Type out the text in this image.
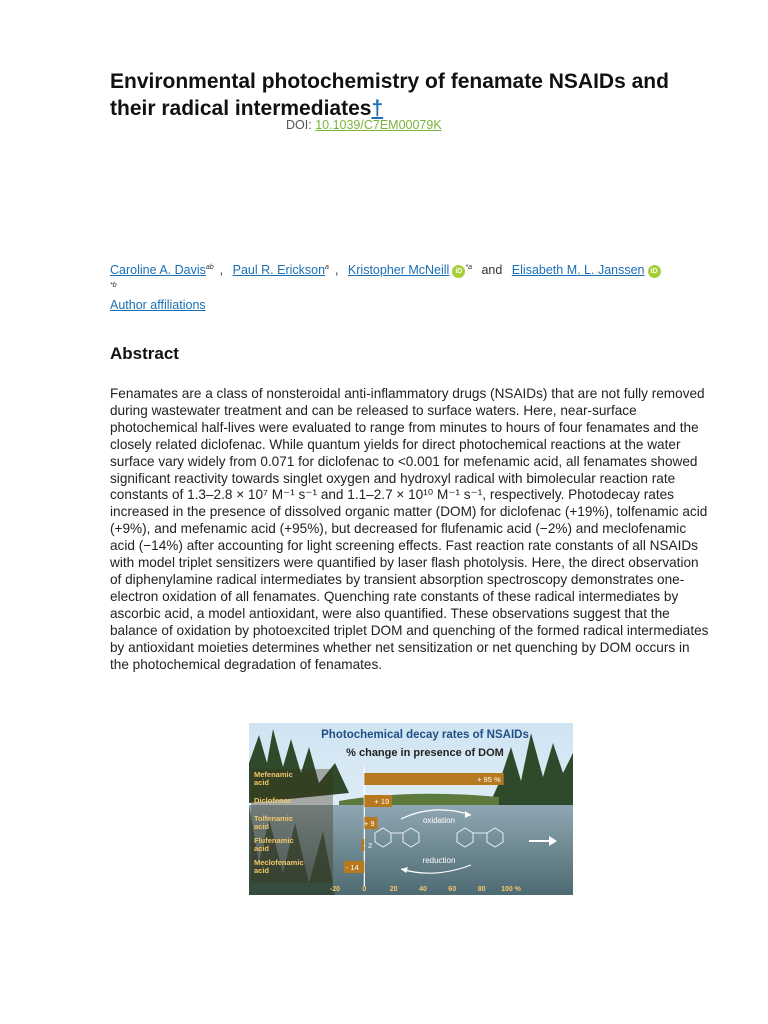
Environmental photochemistry of fenamate NSAIDs and their radical intermediates†
DOI: 10.1039/C7EM00079K
Caroline A. Davis$^{ab}$ , Paul R. Erickson$^a$ , Kristopher McNeill $iD^{*a}$ and Elisabeth M. L. Janssen iD
$^{*b}$
Author affiliations
Abstract

Fenamates are a class of nonsteroidal anti-inflammatory drugs (NSAIDs) that are not fully removed during wastewater treatment and can be released to surface waters. Here, near-surface photochemical half-lives were evaluated to range from minutes to hours of four fenamates and the closely related diclofenac. While quantum yields for direct photochemical reactions at the water surface vary widely from 0.071 for diclofenac to <0.001 for mefenamic acid, all fenamates showed significant reactivity towards singlet oxygen and hydroxyl radical with bimolecular reaction rate constants of 1.3–2.8 × 10⁷ M⁻¹ s⁻¹ and 1.1–2.7 × 10¹⁰ M⁻¹ s⁻¹, respectively. Photodecay rates increased in the presence of dissolved organic matter (DOM) for diclofenac (+19%), tolfenamic acid (+9%), and mefenamic acid (+95%), but decreased for flufenamic acid (−2%) and meclofenamic acid (−14%) after accounting for light screening effects. Fast reaction rate constants of all NSAIDs with model triplet sensitizers were quantified by laser flash photolysis. Here, the direct observation of diphenylamine radical intermediates by transient absorption spectroscopy demonstrates one-electron oxidation of all fenamates. Quenching rate constants of these radical intermediates by ascorbic acid, a model antioxidant, were also quantified. These observations suggest that the balance of oxidation by photoexcited triplet DOM and quenching of the formed radical intermediates by antioxidant moieties determines whether net sensitization or net quenching by DOM occurs in the photochemical degradation of fenamates.

Photochemical decay rates of NSAIDs
% change in presence of DOM
Mefenamic acid	+ 95 %
Diclofenac	+ 19
Tolfenamic acid	+ 9
Flufenamic acid	- 2
Meclofenamic acid	- 14
-20	0	20	40	60	80 100 %
oxidation
reduction
